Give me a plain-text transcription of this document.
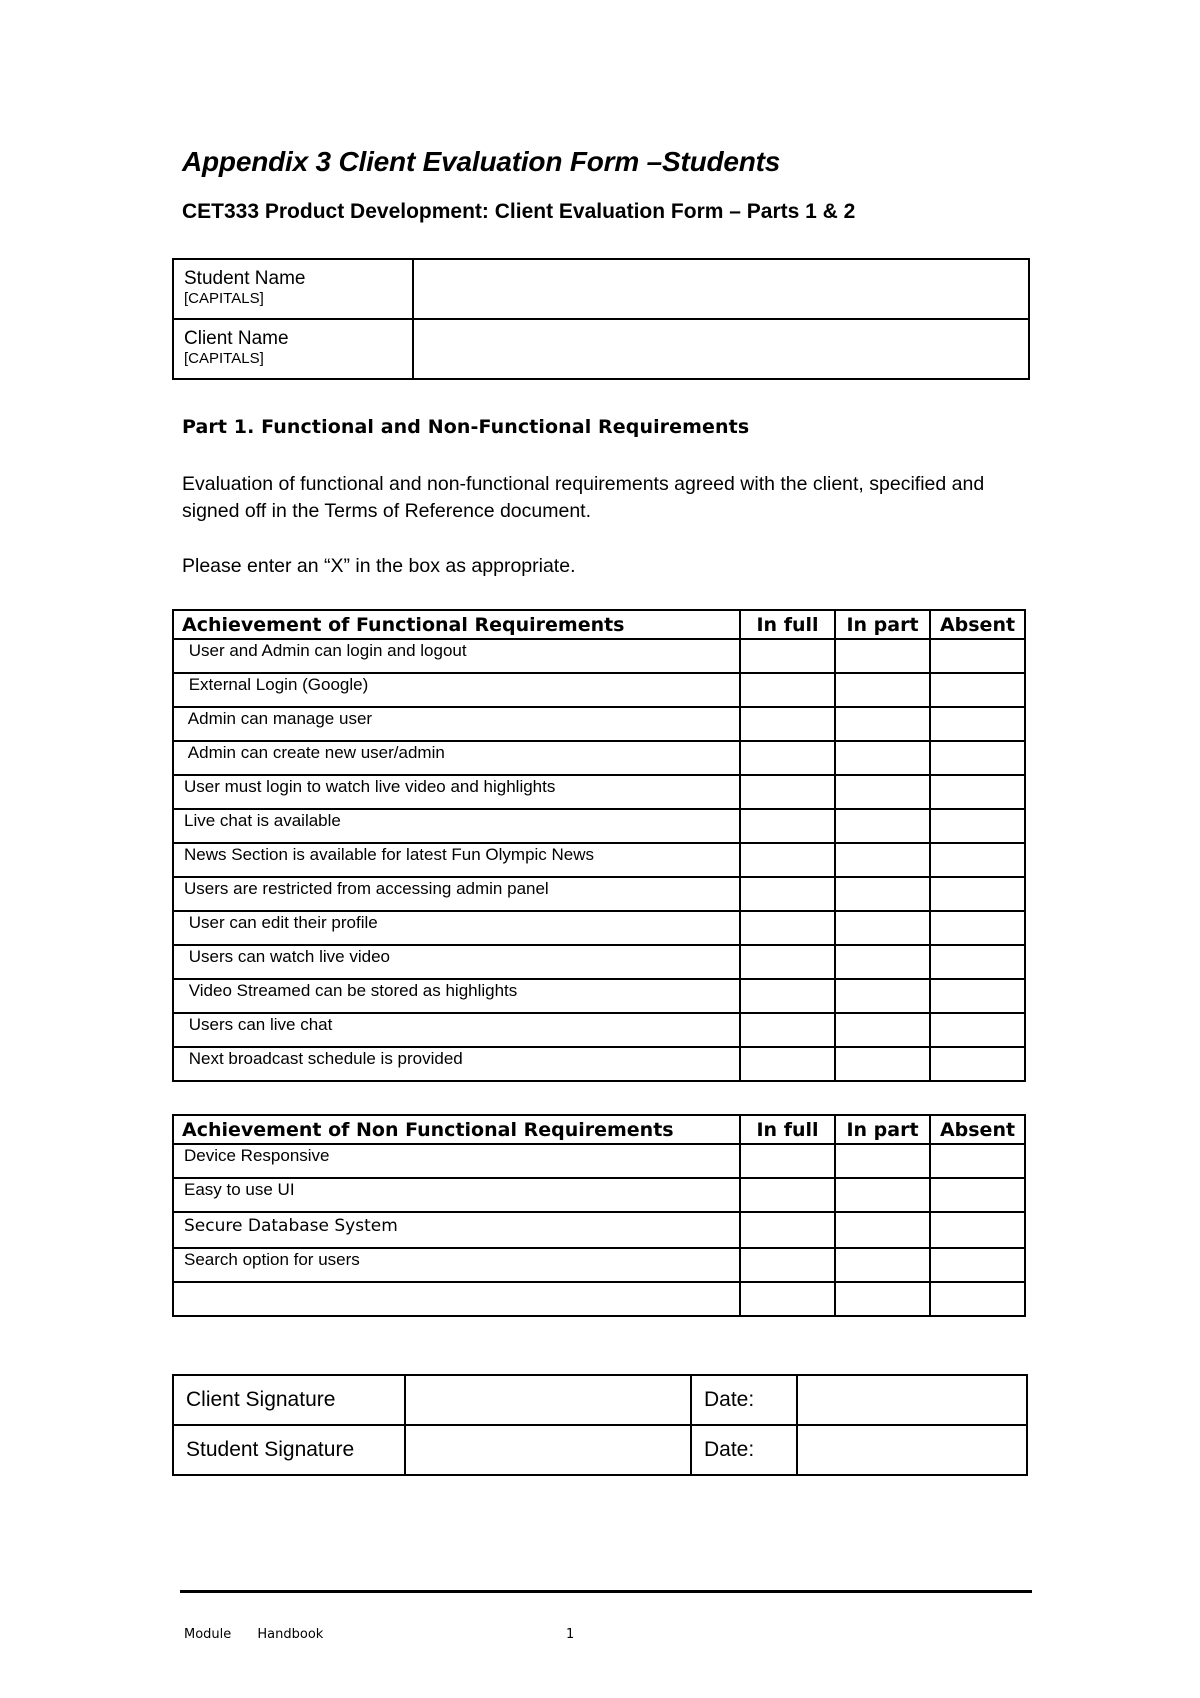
Appendix 3 Client Evaluation Form –Students
CET333 Product Development: Client Evaluation Form – Parts 1 & 2
Student Name
[CAPITALS]	

Client Name
[CAPITALS]	

Part 1. Functional and Non-Functional Requirements
Evaluation of functional and non-functional requirements agreed with the client, specified and signed off in the Terms of Reference document.
Please enter an “X” in the box as appropriate.
Achievement of Functional Requirements	In full	In part	Absent
User and Admin can login and logout			
External Login (Google)			
Admin can manage user			
Admin can create new user/admin			
User must login to watch live video and highlights			
Live chat is available			
News Section is available for latest Fun Olympic News			
Users are restricted from accessing admin panel			
User can edit their profile			
Users can watch live video			
Video Streamed can be stored as highlights			
Users can live chat			
Next broadcast schedule is provided			
Achievement of Non Functional Requirements	In full	In part	Absent
Device Responsive			
Easy to use UI			
Secure Database System			
Search option for users			

Client Signature		Date:	
Student Signature		Date:	
Module Handbook	1
